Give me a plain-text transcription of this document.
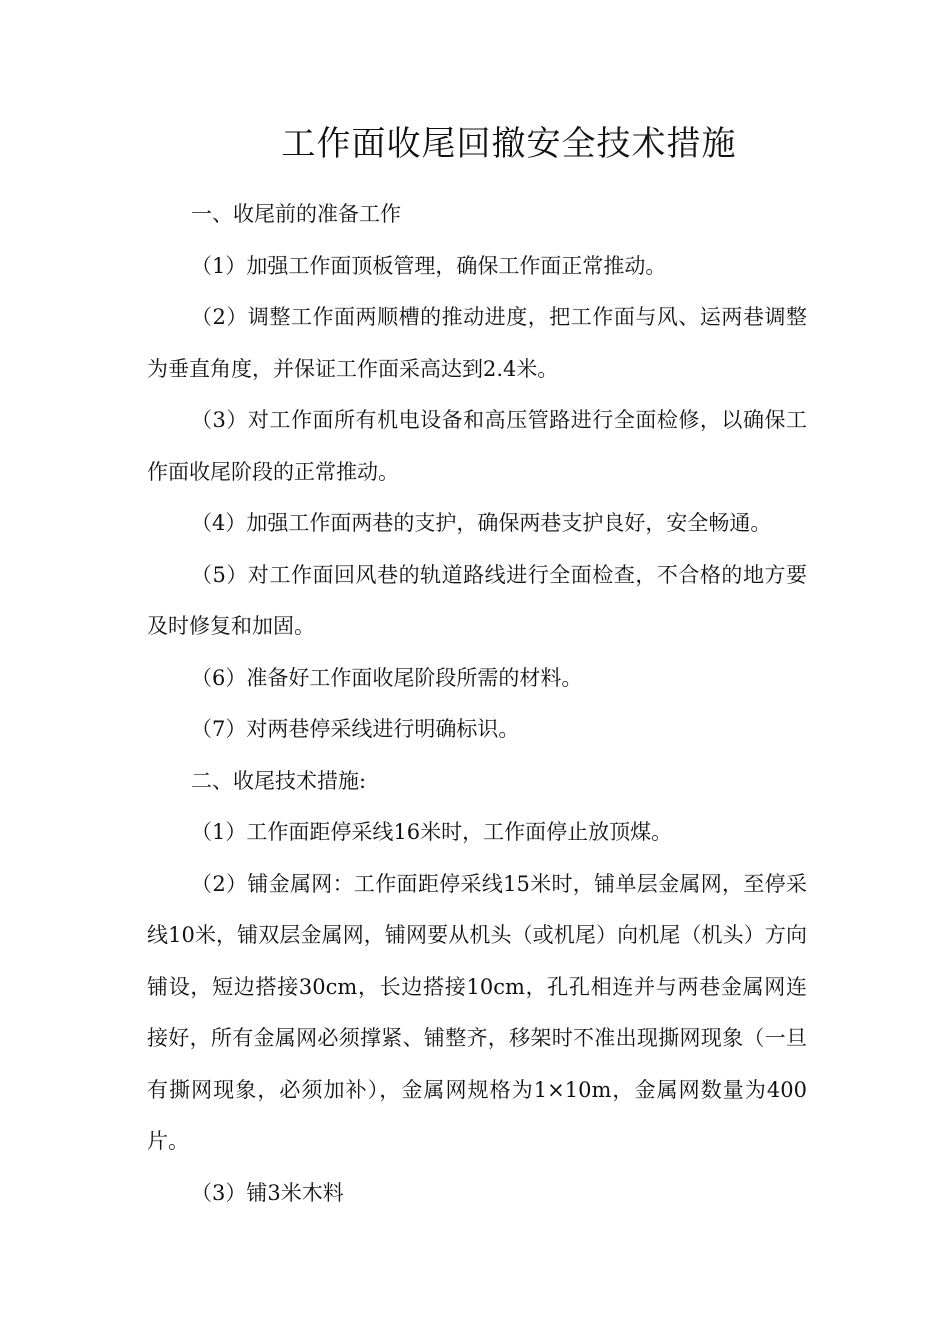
工作面收尾回撤安全技术措施

一、收尾前的准备工作

（1）加强工作面顶板管理，确保工作面正常推动。

（2）调整工作面两顺槽的推动进度，把工作面与风、运两巷调整为垂直角度，并保证工作面采高达到2.4米。

（3）对工作面所有机电设备和高压管路进行全面检修，以确保工作面收尾阶段的正常推动。

（4）加强工作面两巷的支护，确保两巷支护良好，安全畅通。

（5）对工作面回风巷的轨道路线进行全面检查，不合格的地方要及时修复和加固。

（6）准备好工作面收尾阶段所需的材料。

（7）对两巷停采线进行明确标识。

二、收尾技术措施:

（1）工作面距停采线16米时，工作面停止放顶煤。

（2）铺金属网：工作面距停采线15米时，铺单层金属网，至停采线10米，铺双层金属网，铺网要从机头（或机尾）向机尾（机头）方向铺设，短边搭接30cm，长边搭接10cm，孔孔相连并与两巷金属网连接好，所有金属网必须撑紧、铺整齐，移架时不准出现撕网现象（一旦有撕网现象，必须加补），金属网规格为1×10m，金属网数量为400片。

（3）铺3米木料
